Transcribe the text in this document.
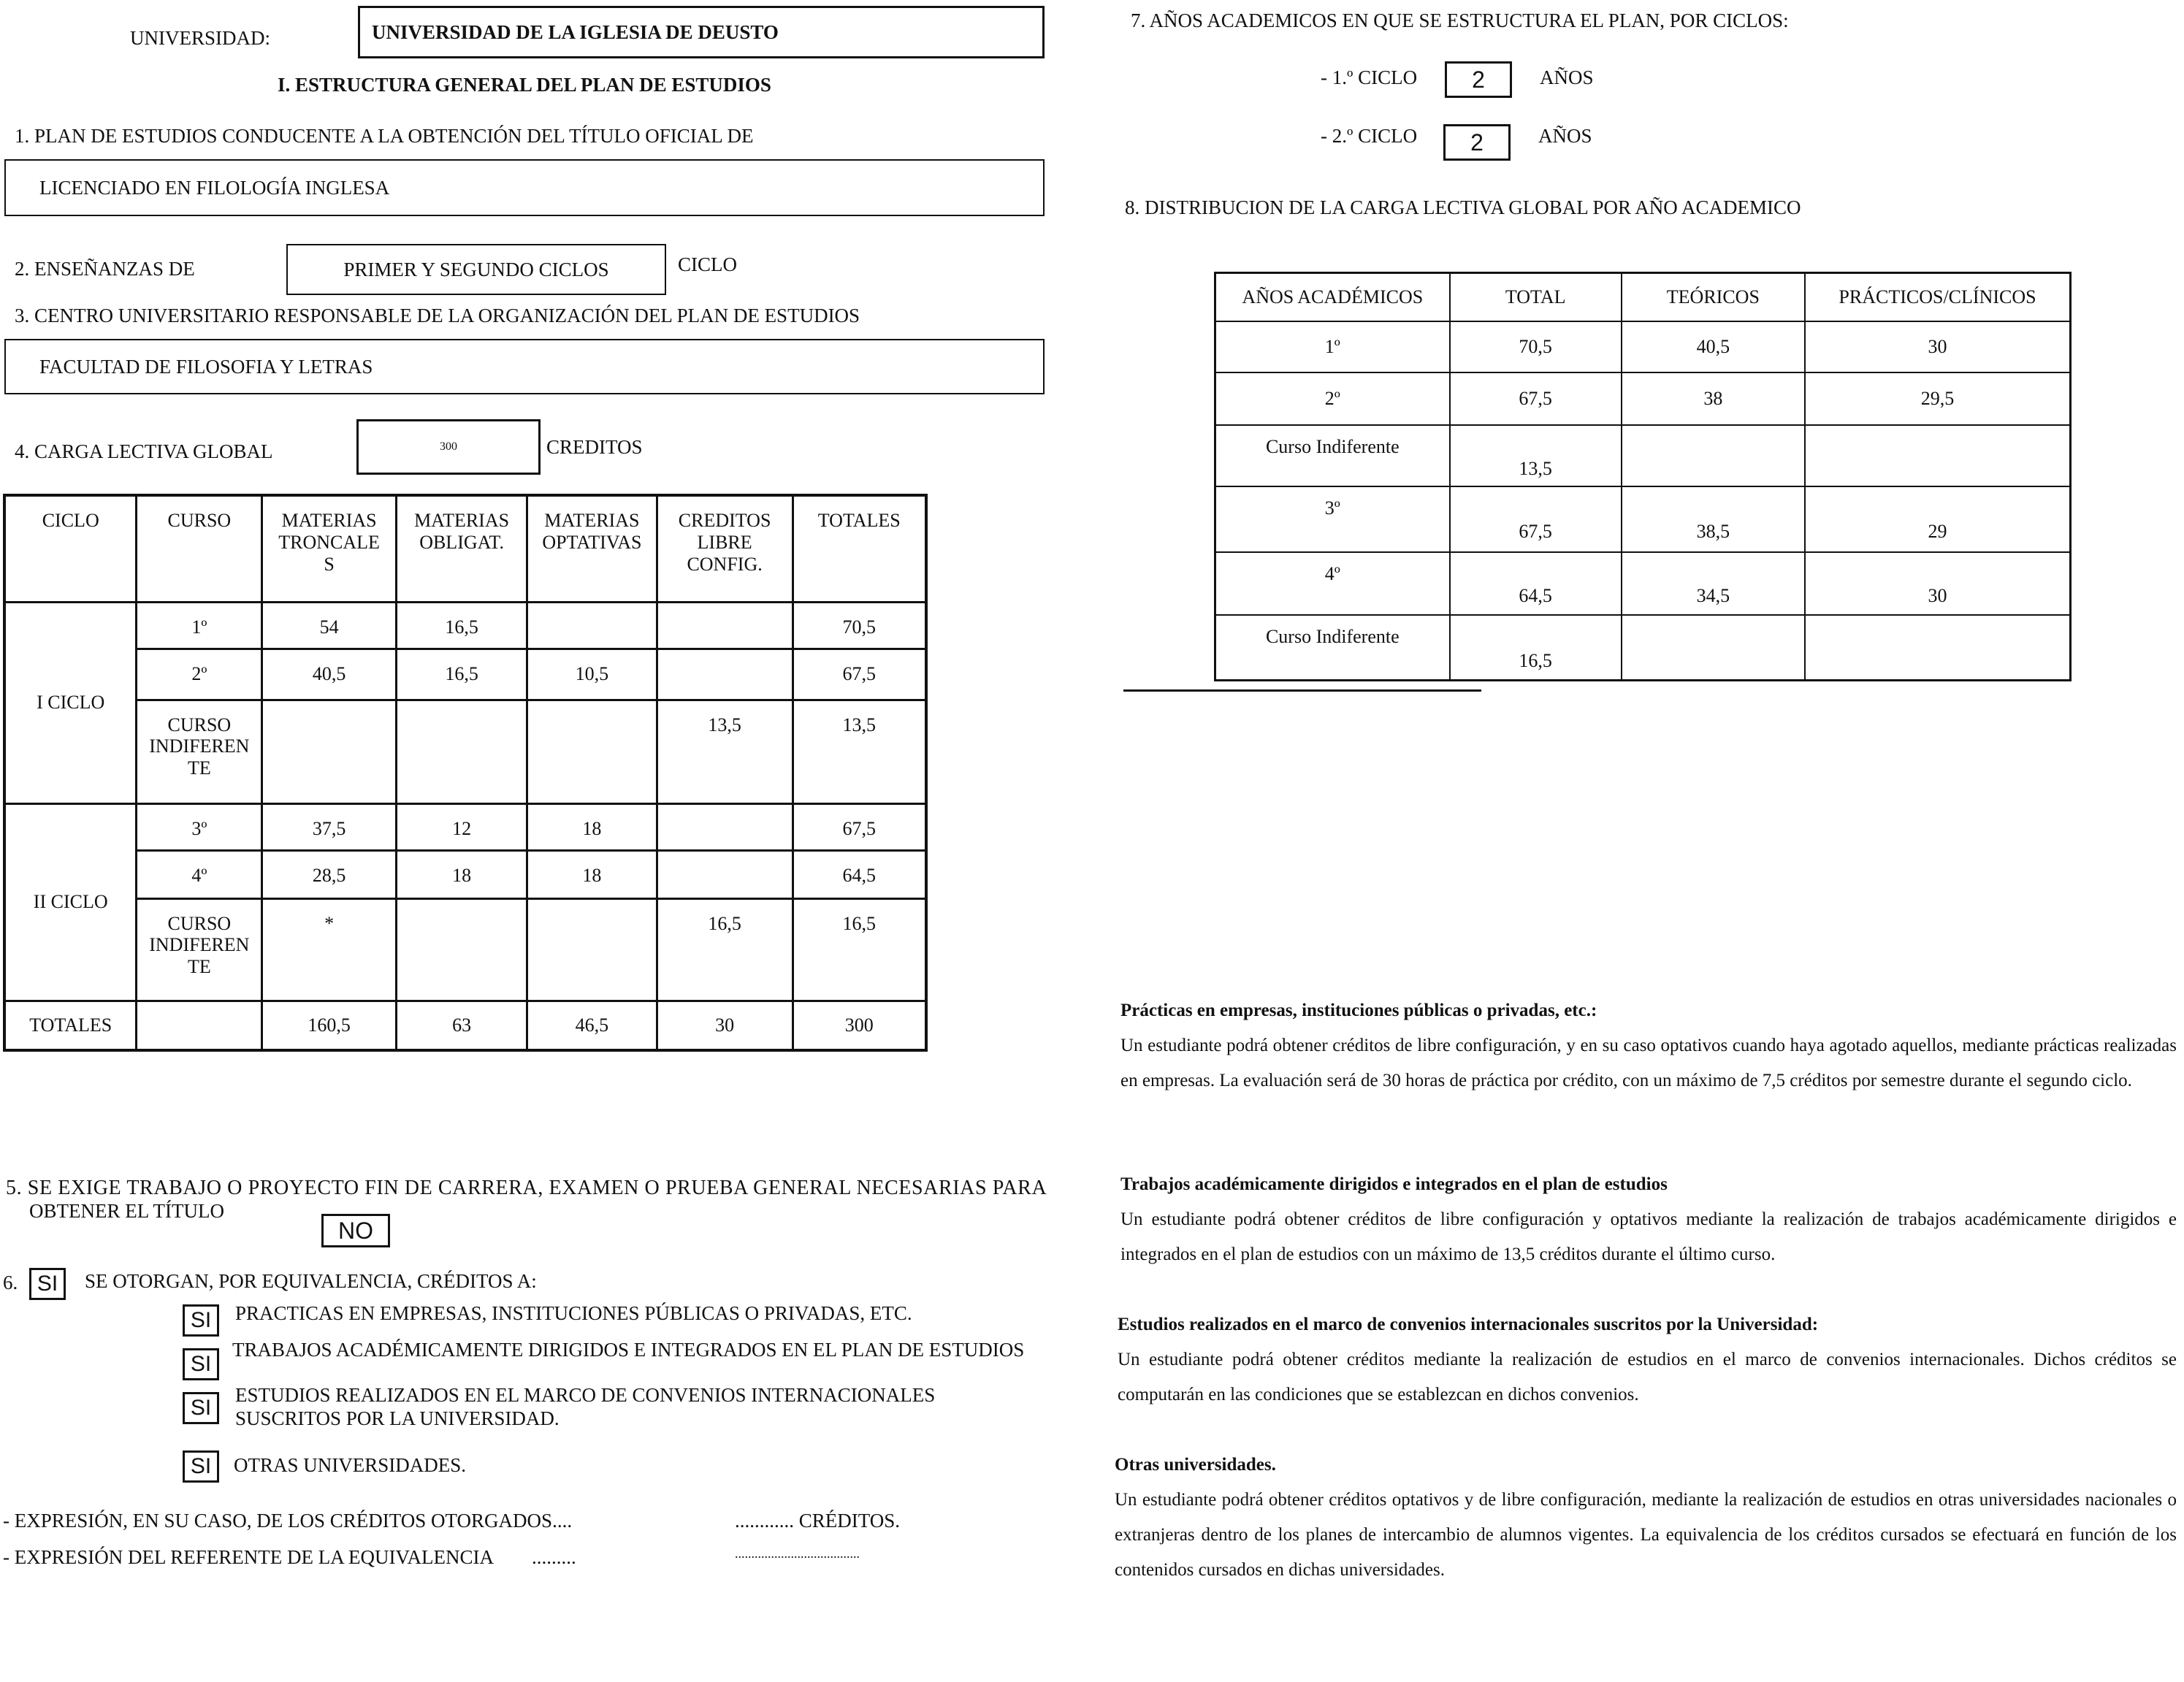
UNIVERSIDAD:	UNIVERSIDAD DE LA IGLESIA DE DEUSTO
I. ESTRUCTURA GENERAL DEL PLAN DE ESTUDIOS
1. PLAN DE ESTUDIOS CONDUCENTE A LA OBTENCIÓN DEL TÍTULO OFICIAL DE
LICENCIADO EN FILOLOGÍA INGLESA
2. ENSEÑANZAS DE	PRIMER Y SEGUNDO CICLOS	CICLO
3. CENTRO UNIVERSITARIO RESPONSABLE DE LA ORGANIZACIÓN DEL PLAN DE ESTUDIOS
FACULTAD DE FILOSOFIA Y LETRAS
4. CARGA LECTIVA GLOBAL	300	CREDITOS
CICLO	CURSO	MATERIAS TRONCALE S	MATERIAS OBLIGAT.	MATERIAS OPTATIVAS	CREDITOS LIBRE CONFIG.	TOTALES
I CICLO	1º	54	16,5			70,5
	2º	40,5	16,5	10,5		67,5
	CURSO INDIFEREN TE				13,5	13,5
II CICLO	3º	37,5	12	18		67,5
	4º	28,5	18	18		64,5
	CURSO INDIFEREN TE	*			16,5	16,5
TOTALES		160,5	63	46,5	30	300
5. SE EXIGE TRABAJO O PROYECTO FIN DE CARRERA, EXAMEN O PRUEBA GENERAL NECESARIAS PARA
OBTENER EL TÍTULO
NO
6. SI	SE OTORGAN, POR EQUIVALENCIA, CRÉDITOS A:
SI	PRACTICAS EN EMPRESAS, INSTITUCIONES PÚBLICAS O PRIVADAS, ETC.
SI
TRABAJOS ACADÉMICAMENTE DIRIGIDOS E INTEGRADOS EN EL PLAN DE ESTUDIOS
SI
ESTUDIOS REALIZADOS EN EL MARCO DE CONVENIOS INTERNACIONALES
SUSCRITOS POR LA UNIVERSIDAD.
SI	OTRAS UNIVERSIDADES.
- EXPRESIÓN, EN SU CASO, DE LOS CRÉDITOS OTORGADOS....	............ CRÉDITOS.
- EXPRESIÓN DEL REFERENTE DE LA EQUIVALENCIA .........	......................................
7. AÑOS ACADEMICOS EN QUE SE ESTRUCTURA EL PLAN, POR CICLOS:
- 1.º CICLO 2	AÑOS
- 2.º CICLO 2	AÑOS
8. DISTRIBUCION DE LA CARGA LECTIVA GLOBAL POR AÑO ACADEMICO
AÑOS ACADÉMICOS	TOTAL	TEÓRICOS	PRÁCTICOS/CLÍNICOS
1º	70,5	40,5	30
2º	67,5	38	29,5
Curso Indiferente	13,5		
3º	67,5	38,5	29
4º	64,5	34,5	30
Curso Indiferente	16,5		
Prácticas en empresas, instituciones públicas o privadas, etc.:
Un estudiante podrá obtener créditos de libre configuración, y en su caso optativos cuando haya agotado aquellos, mediante prácticas realizadas en empresas. La evaluación será de 30 horas de práctica por crédito, con un máximo de 7,5 créditos por semestre durante el segundo ciclo.
Trabajos académicamente dirigidos e integrados en el plan de estudios
Un estudiante podrá obtener créditos de libre configuración y optativos mediante la realización de trabajos académicamente dirigidos e integrados en el plan de estudios con un máximo de 13,5 créditos durante el último curso.
Estudios realizados en el marco de convenios internacionales suscritos por la Universidad:
Un estudiante podrá obtener créditos mediante la realización de estudios en el marco de convenios internacionales. Dichos créditos se computarán en las condiciones que se establezcan en dichos convenios.
Otras universidades.
Un estudiante podrá obtener créditos optativos y de libre configuración, mediante la realización de estudios en otras universidades nacionales o extranjeras dentro de los planes de intercambio de alumnos vigentes. La equivalencia de los créditos cursados se efectuará en función de los contenidos cursados en dichas universidades.
